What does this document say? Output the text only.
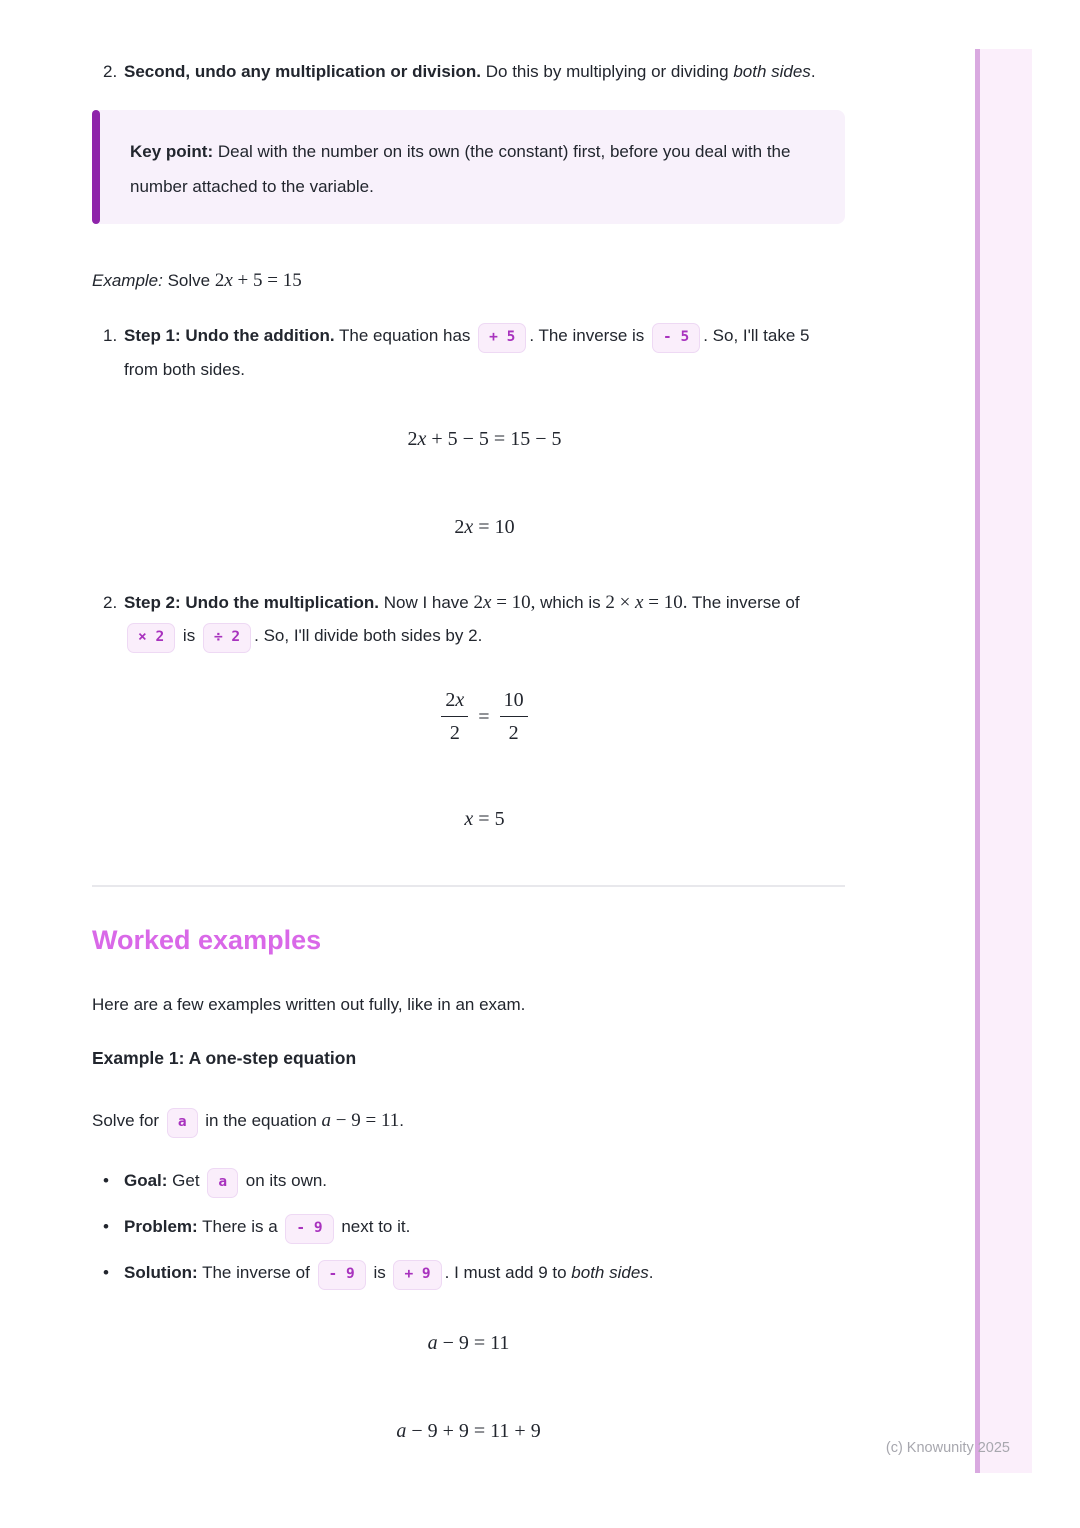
2. Second, undo any multiplication or division. Do this by multiplying or dividing both sides.

Key point: Deal with the number on its own (the constant) first, before you deal with the number attached to the variable.

Example: Solve 2x + 5 = 15

1. Step 1: Undo the addition. The equation has + 5 . The inverse is - 5 . So, I'll take 5 from both sides.
2x + 5 − 5 = 15 − 5
2x = 10
2. Step 2: Undo the multiplication. Now I have 2x = 10, which is 2 × x = 10. The inverse of × 2 is ÷ 2 . So, I'll divide both sides by 2.
$\frac{2x}{2} = \frac{10}{2}$
x = 5
Worked examples

Here are a few examples written out fully, like in an exam.

Example 1: A one-step equation

Solve for a in the equation a − 9 = 11.

• Goal: Get a on its own.
• Problem: There is a - 9 next to it.
• Solution: The inverse of - 9 is + 9 . I must add 9 to both sides.
a − 9 = 11
a − 9 + 9 = 11 + 9
(c) Knowunity 2025
